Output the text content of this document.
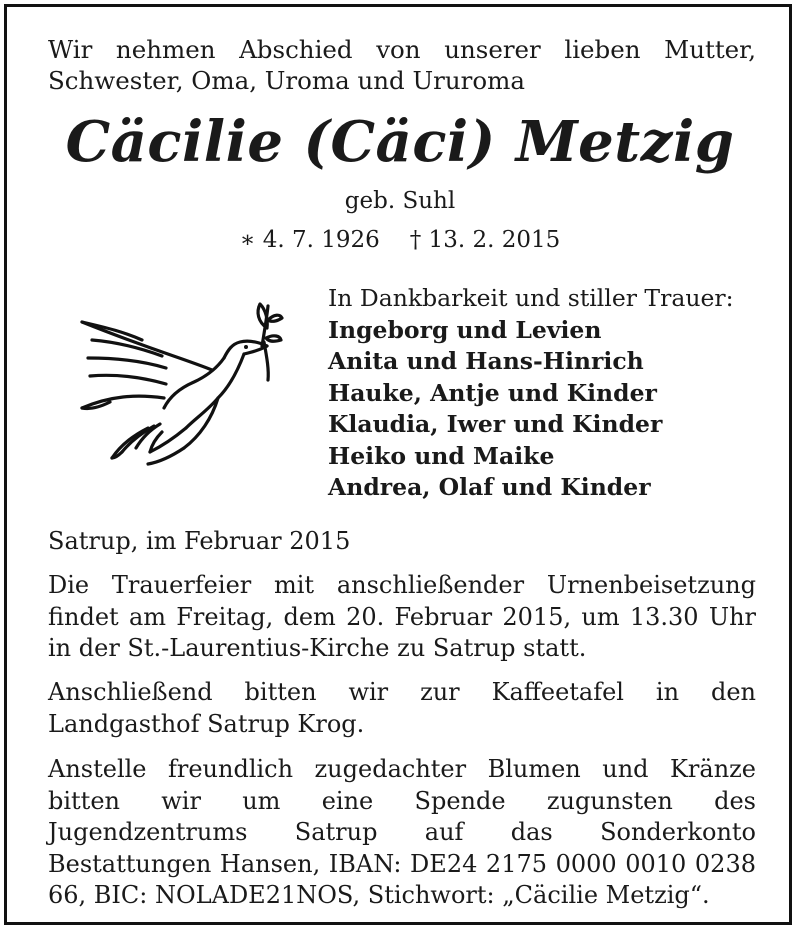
Wir nehmen Abschied von unserer lieben Mutter, Schwester, Oma, Uroma und Ururoma

Cäcilie (Cäci) Metzig

geb. Suhl

∗ 4. 7. 1926 † 13. 2. 2015

In Dankbarkeit und stiller Trauer:

Ingeborg und Levien
Anita und Hans-Hinrich
Hauke, Antje und Kinder
Klaudia, Iwer und Kinder
Heiko und Maike
Andrea, Olaf und Kinder

Satrup, im Februar 2015

Die Trauerfeier mit anschließender Urnenbeisetzung findet am Freitag, dem 20. Februar 2015, um 13.30 Uhr in der St.-Laurentius-Kirche zu Satrup statt.

Anschließend bitten wir zur Kaffeetafel in den Landgasthof Satrup Krog.

Anstelle freundlich zugedachter Blumen und Kränze bitten wir um eine Spende zugunsten des Jugendzentrums Satrup auf das Sonderkonto Bestattungen Hansen, IBAN: DE24 2175 0000 0010 0238 66, BIC: NOLADE21NOS, Stichwort: „Cäcilie Metzig“.
